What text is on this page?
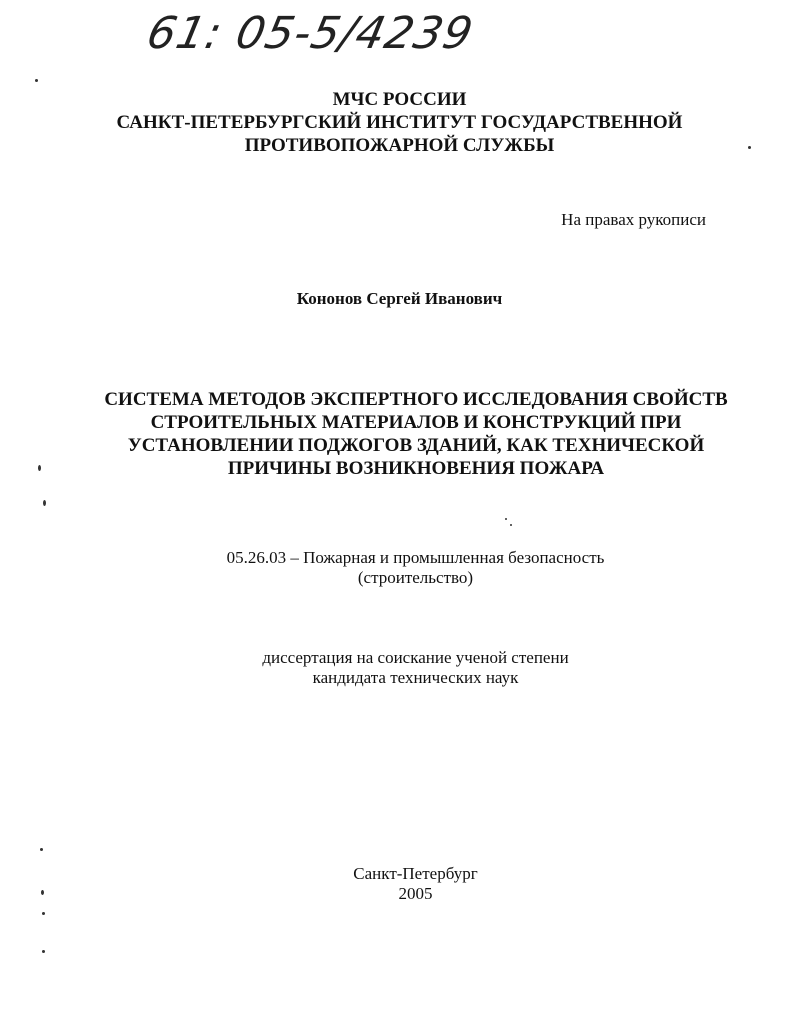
61: 05-5/4239
МЧС РОССИИ
САНКТ-ПЕТЕРБУРГСКИЙ ИНСТИТУТ ГОСУДАРСТВЕННОЙ
ПРОТИВОПОЖАРНОЙ СЛУЖБЫ
На правах рукописи
Кононов Сергей Иванович
СИСТЕМА МЕТОДОВ ЭКСПЕРТНОГО ИССЛЕДОВАНИЯ СВОЙСТВ
СТРОИТЕЛЬНЫХ МАТЕРИАЛОВ И КОНСТРУКЦИЙ ПРИ
УСТАНОВЛЕНИИ ПОДЖОГОВ ЗДАНИЙ, КАК ТЕХНИЧЕСКОЙ
ПРИЧИНЫ ВОЗНИКНОВЕНИЯ ПОЖАРА
05.26.03 – Пожарная и промышленная безопасность
(строительство)
диссертация на соискание ученой степени
кандидата технических наук
Санкт-Петербург
2005
